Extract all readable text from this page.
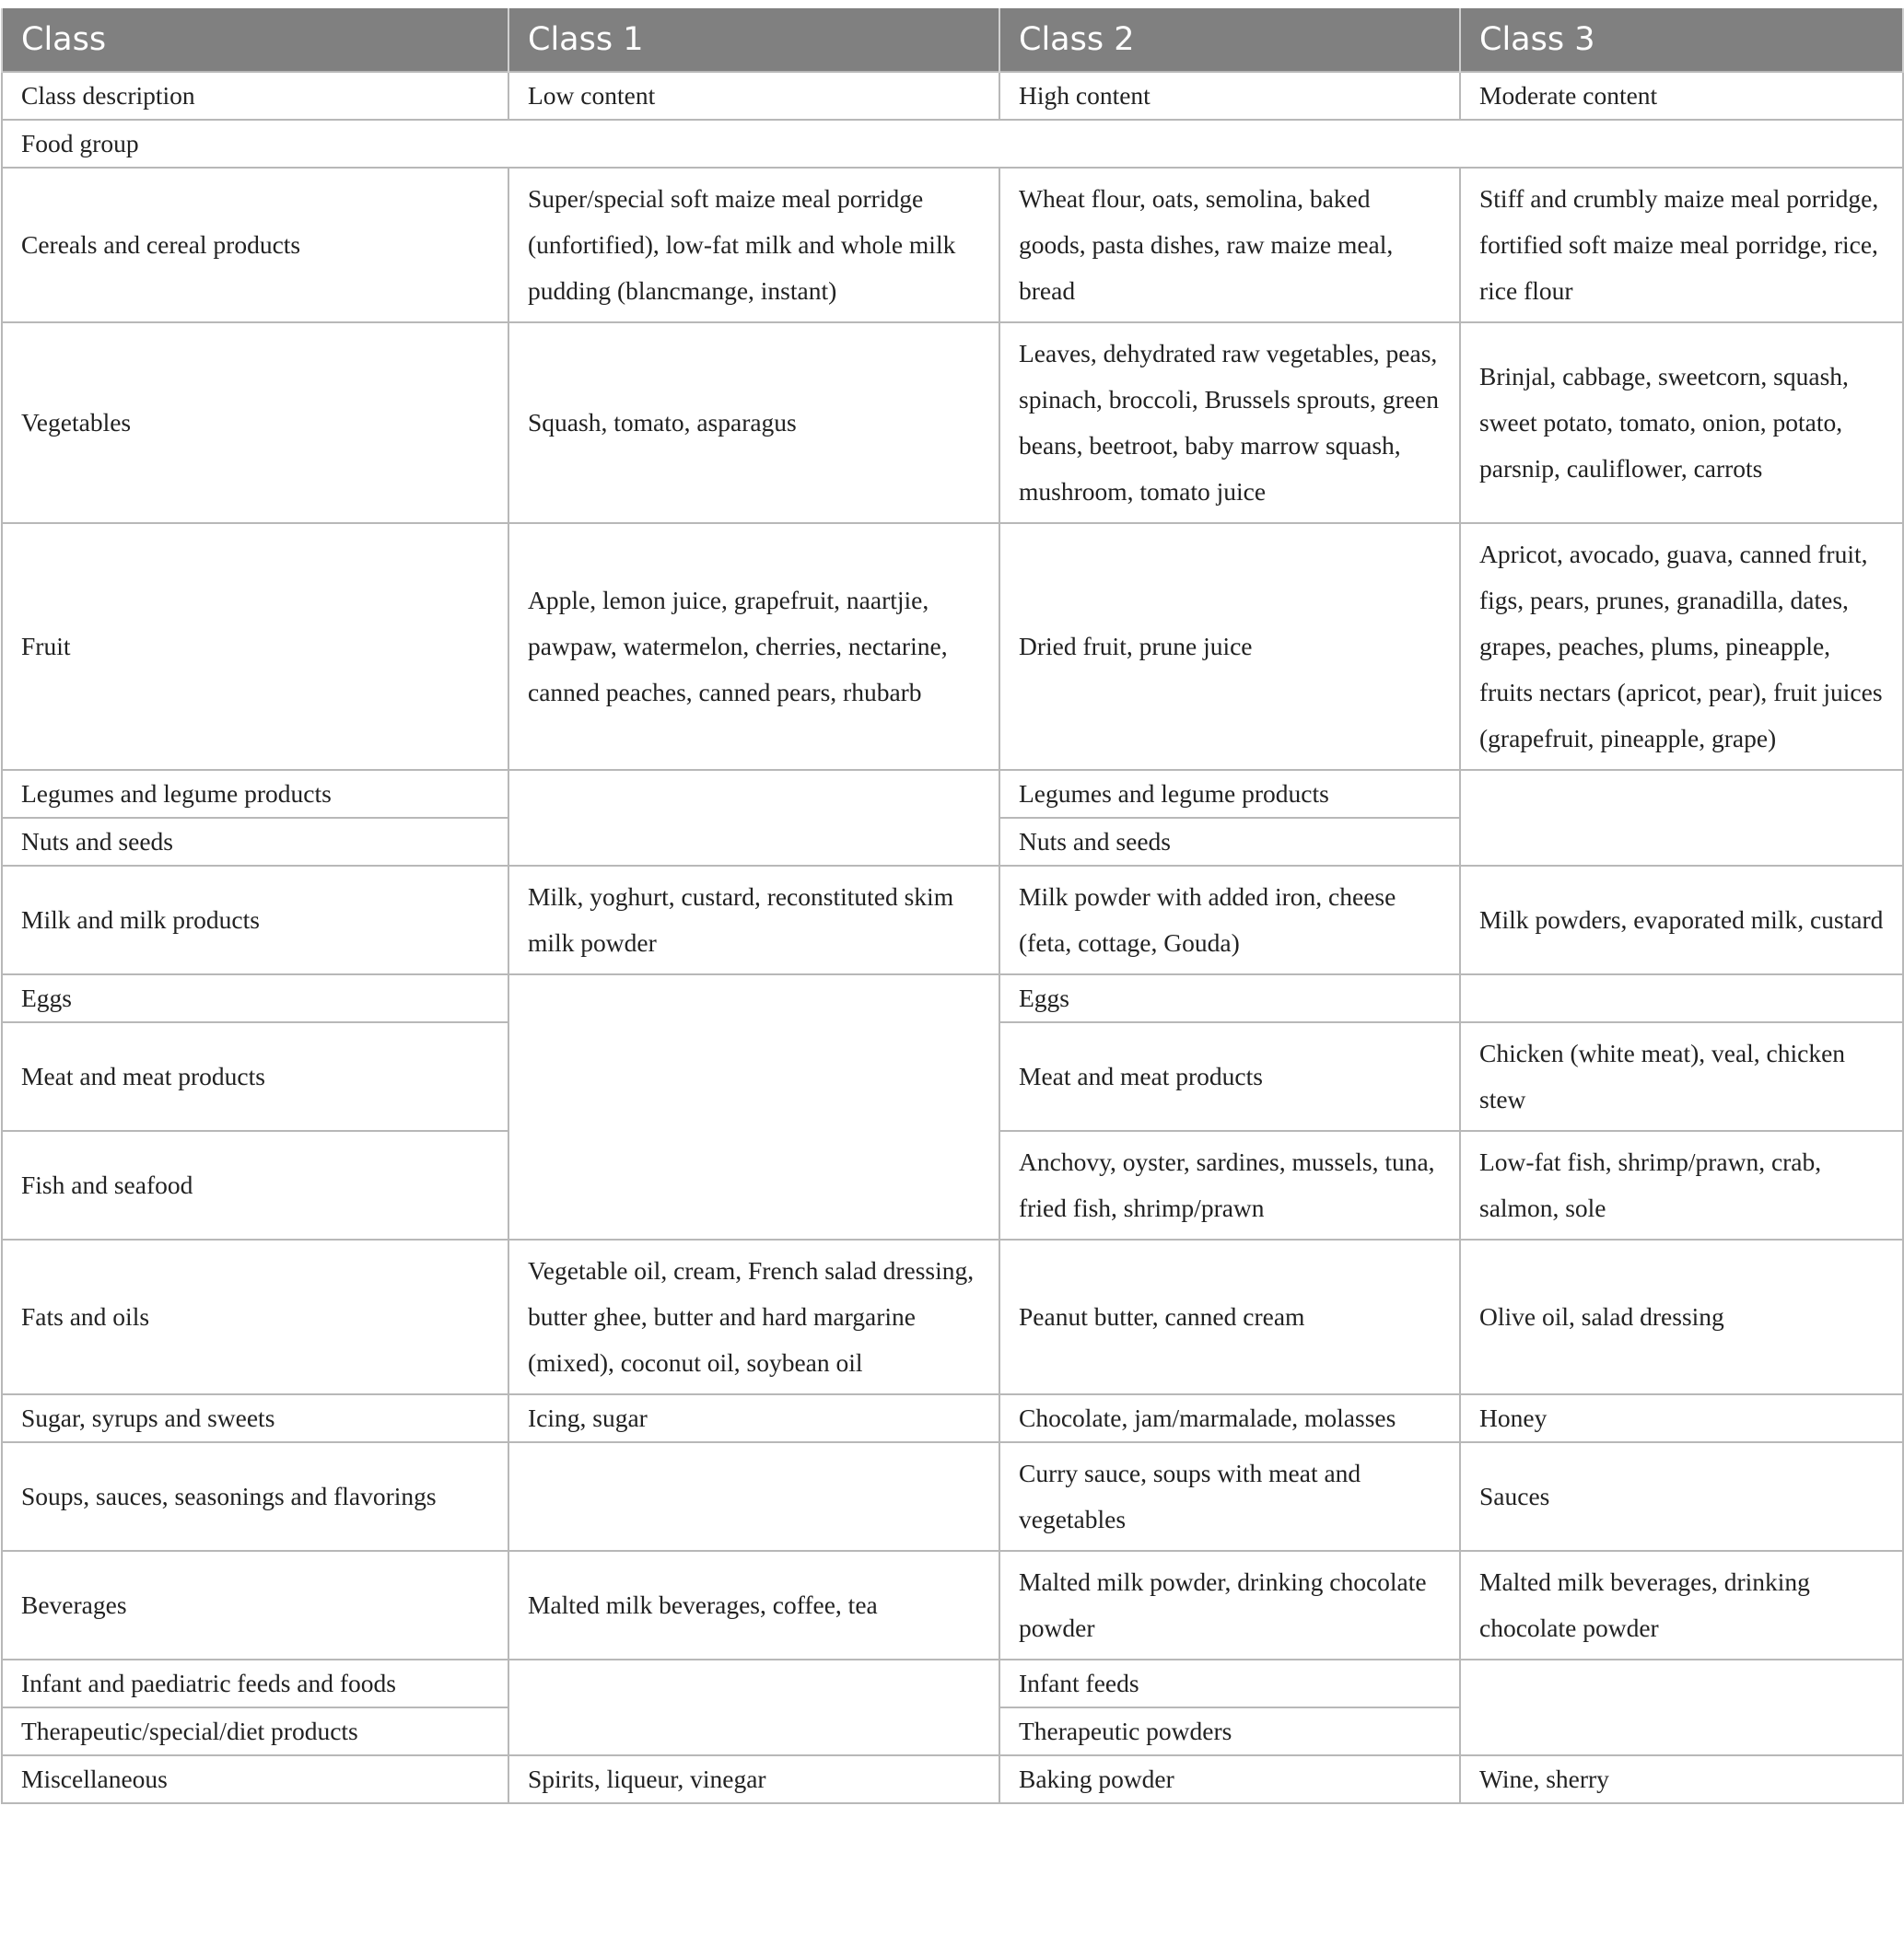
Class	Class 1	Class 2	Class 3
Class description	Low content	High content	Moderate content
Food group			
Cereals and cereal products	Super/special soft maize meal porridge (unfortified), low-fat milk and whole milk pudding (blancmange, instant)	Wheat flour, oats, semolina, baked goods, pasta dishes, raw maize meal, bread	Stiff and crumbly maize meal porridge, fortified soft maize meal porridge, rice, rice flour
Vegetables	Squash, tomato, asparagus	Leaves, dehydrated raw vegetables, peas, spinach, broccoli, Brussels sprouts, green beans, beetroot, baby marrow squash, mushroom, tomato juice	Brinjal, cabbage, sweetcorn, squash, sweet potato, tomato, onion, potato, parsnip, cauliflower, carrots
Fruit	Apple, lemon juice, grapefruit, naartjie, pawpaw, watermelon, cherries, nectarine, canned peaches, canned pears, rhubarb	Dried fruit, prune juice	Apricot, avocado, guava, canned fruit, figs, pears, prunes, granadilla, dates, grapes, peaches, plums, pineapple, fruits nectars (apricot, pear), fruit juices (grapefruit, pineapple, grape)
Legumes and legume products		Legumes and legume products	
Nuts and seeds		Nuts and seeds	
Milk and milk products	Milk, yoghurt, custard, reconstituted skim milk powder	Milk powder with added iron, cheese (feta, cottage, Gouda)	Milk powders, evaporated milk, custard
Eggs		Eggs	
Meat and meat products		Meat and meat products	Chicken (white meat), veal, chicken stew
Fish and seafood		Anchovy, oyster, sardines, mussels, tuna, fried fish, shrimp/prawn	Low-fat fish, shrimp/prawn, crab, salmon, sole
Fats and oils	Vegetable oil, cream, French salad dressing, butter ghee, butter and hard margarine (mixed), coconut oil, soybean oil	Peanut butter, canned cream	Olive oil, salad dressing
Sugar, syrups and sweets	Icing, sugar	Chocolate, jam/marmalade, molasses	Honey
Soups, sauces, seasonings and flavorings		Curry sauce, soups with meat and vegetables	Sauces
Beverages	Malted milk beverages, coffee, tea	Malted milk powder, drinking chocolate powder	Malted milk beverages, drinking chocolate powder
Infant and paediatric feeds and foods		Infant feeds	
Therapeutic/special/diet products		Therapeutic powders	
Miscellaneous	Spirits, liqueur, vinegar	Baking powder	Wine, sherry
